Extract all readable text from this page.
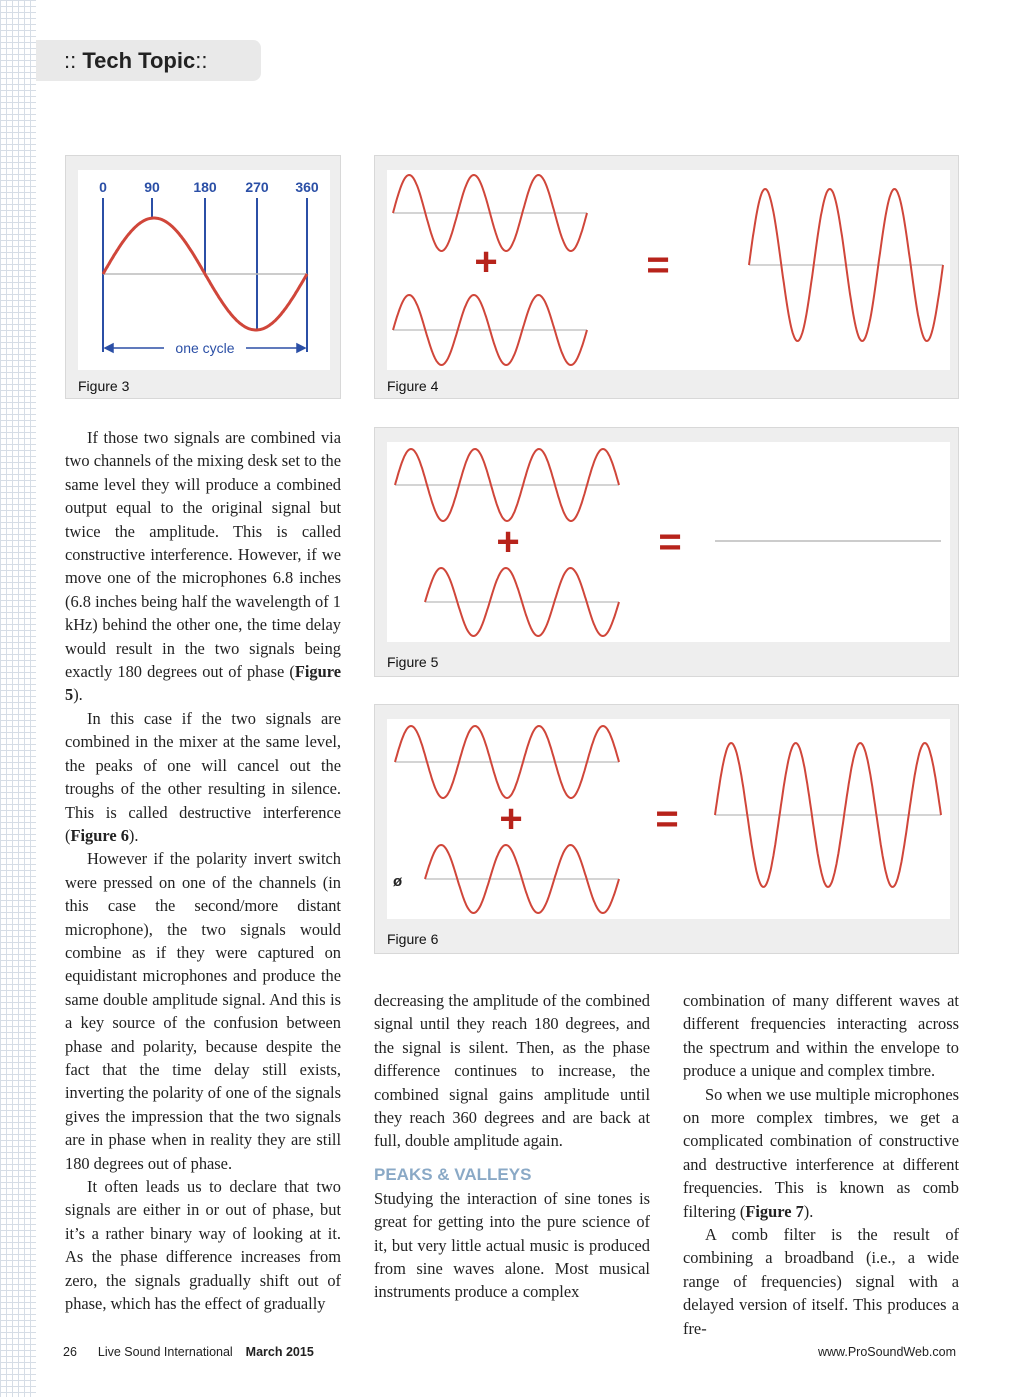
:: Tech Topic::
0	90 180 270 360
one cycle
Figure 3
+	=
Figure 4
+	=
Figure 5
+	=
ø
Figure 6

If those two signals are combined via two channels of the mixing desk set to the same level they will produce a combined output equal to the original signal but twice the amplitude. This is called constructive interference. However, if we move one of the microphones 6.8 inches (6.8 inches being half the wavelength of 1 kHz) behind the other one, the time delay would result in the two signals being exactly 180 degrees out of phase (Figure 5).

In this case if the two signals are combined in the mixer at the same level, the peaks of one will cancel out the troughs of the other resulting in silence. This is called destructive interference (Figure 6).

However if the polarity invert switch were pressed on one of the channels (in this case the second/more distant microphone), the two signals would combine as if they were captured on equidistant microphones and produce the same double amplitude signal. And this is a key source of the confusion between phase and polarity, because despite the fact that the time delay still exists, inverting the polarity of one of the signals gives the impression that the two signals are in phase when in reality they are still 180 degrees out of phase.

It often leads us to declare that two signals are either in or out of phase, but it’s a rather binary way of looking at it. As the phase difference increases from zero, the signals gradually shift out of phase, which has the effect of gradually

decreasing the amplitude of the combined signal until they reach 180 degrees, and the signal is silent. Then, as the phase difference continues to increase, the combined signal gains amplitude until they reach 360 degrees and are back at full, double amplitude again.

PEAKS & VALLEYS

Studying the interaction of sine tones is great for getting into the pure science of it, but very little actual music is produced from sine waves alone. Most musical instruments produce a complex

combination of many different waves at different frequencies interacting across the spectrum and within the envelope to produce a unique and complex timbre.

So when we use multiple microphones on more complex timbres, we get a complicated combination of constructive and destructive interference at different frequencies. This is known as comb filtering (Figure 7).

A comb filter is the result of combining a broadband (i.e., a wide range of frequencies) signal with a delayed version of itself. This produces a fre-

26 Live Sound International March 2015	www.ProSoundWeb.com
